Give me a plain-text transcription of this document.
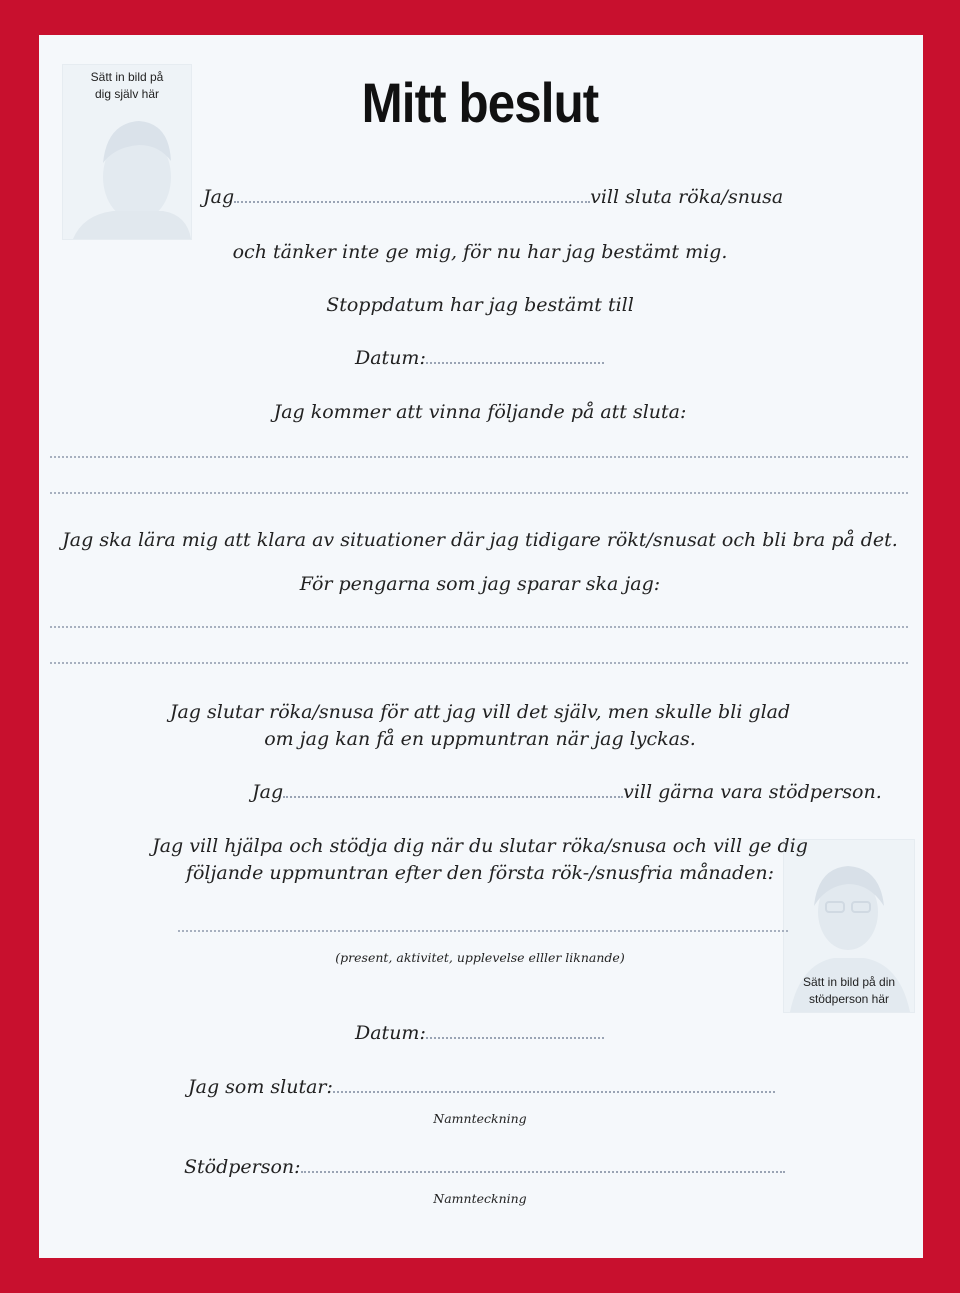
Sätt in bild på
dig själv här
Sätt in bild på din
stödperson här
Mitt beslut
Jag	vill sluta röka/snusa
och tänker inte ge mig, för nu har jag bestämt mig.
Stoppdatum har jag bestämt till
Datum:
Jag kommer att vinna följande på att sluta:
Jag ska lära mig att klara av situationer där jag tidigare rökt/snusat och bli bra på det.
För pengarna som jag sparar ska jag:
Jag slutar röka/snusa för att jag vill det själv, men skulle bli glad
om jag kan få en uppmuntran när jag lyckas.
Jag	vill gärna vara stödperson.
Jag vill hjälpa och stödja dig när du slutar röka/snusa och vill ge dig
följande uppmuntran efter den första rök-/snusfria månaden:
(present, aktivitet, upplevelse elller liknande)
Datum:
Jag som slutar:
Namnteckning
Stödperson:
Namnteckning
